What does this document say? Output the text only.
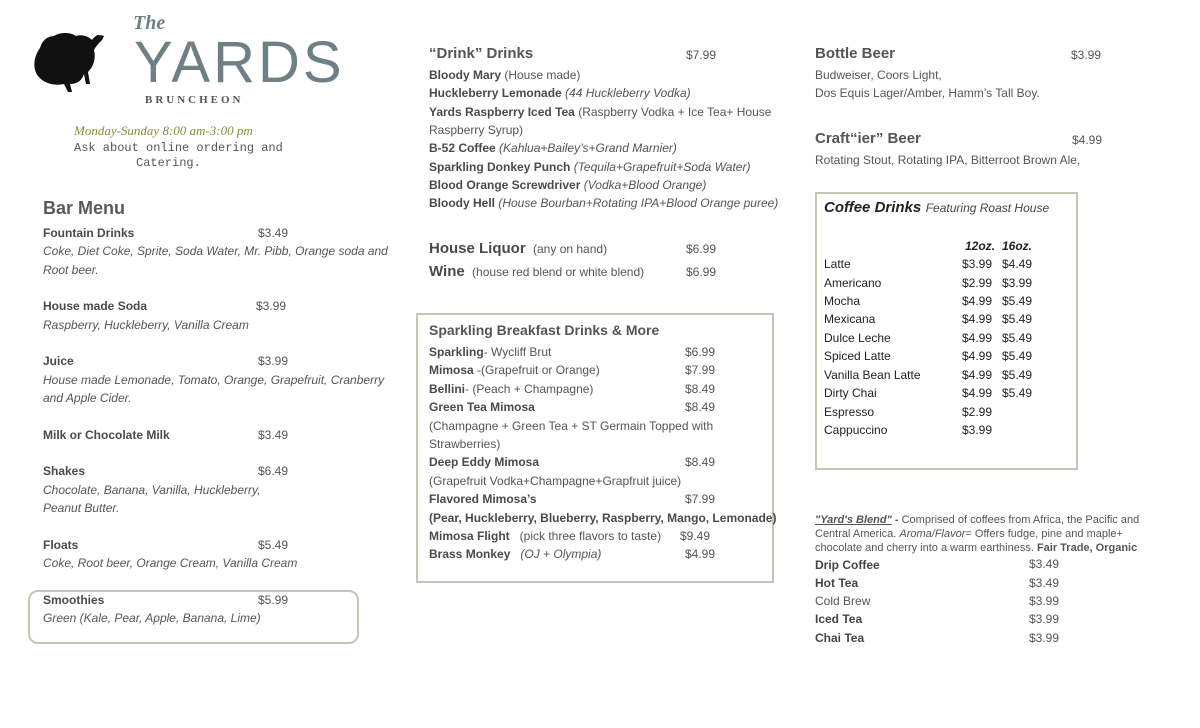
The
YARDS
BRUNCHEON
Monday-Sunday 8:00 am-3:00 pm
Ask about online ordering and
Catering.
Bar Menu
Fountain Drinks	$3.49
Coke, Diet Coke, Sprite, Soda Water, Mr. Pibb, Orange soda and
Root beer.
House made Soda	$3.99
Raspberry, Huckleberry, Vanilla Cream
Juice	$3.99
House made Lemonade, Tomato, Orange, Grapefruit, Cranberry
and Apple Cider.
Milk or Chocolate Milk	$3.49
Shakes	$6.49
Chocolate, Banana, Vanilla, Huckleberry,
Peanut Butter.
Floats	$5.49
Coke, Root beer, Orange Cream, Vanilla Cream
Smoothies	$5.99
Green (Kale, Pear, Apple, Banana, Lime)
“Drink” Drinks	$7.99
Bloody Mary (House made)
Huckleberry Lemonade (44 Huckleberry Vodka)
Yards Raspberry Iced Tea (Raspberry Vodka + Ice Tea+ House
Raspberry Syrup)
B-52 Coffee (Kahlua+Bailey’s+Grand Marnier)
Sparkling Donkey Punch (Tequila+Grapefruit+Soda Water)
Blood Orange Screwdriver (Vodka+Blood Orange)
Bloody Hell (House Bourban+Rotating IPA+Blood Orange puree)
House Liquor (any on hand)	$6.99
Wine (house red blend or white blend)	$6.99
Sparkling Breakfast Drinks & More
Sparkling- Wycliff Brut	$6.99
Mimosa -(Grapefruit or Orange)	$7.99
Bellini- (Peach + Champagne)	$8.49
Green Tea Mimosa	$8.49
(Champagne + Green Tea + ST Germain Topped with
Strawberries)
Deep Eddy Mimosa	$8.49
(Grapefruit Vodka+Champagne+Grapfruit juice)
Flavored Mimosa’s	$7.99
(Pear, Huckleberry, Blueberry, Raspberry, Mango, Lemonade)
Mimosa Flight   (pick three flavors to taste) $9.49
Brass Monkey   (OJ + Olympia)	$4.99
Bottle Beer	$3.99
Budweiser, Coors Light,
Dos Equis Lager/Amber, Hamm’s Tall Boy.
Craft“ier” Beer	$4.99
Rotating Stout, Rotating IPA, Bitterroot Brown Ale,
Coffee Drinks Featuring Roast House
12oz. 16oz.
Latte	$3.99 $4.49
Americano	$2.99 $3.99
Mocha	$4.99 $5.49
Mexicana	$4.99 $5.49
Dulce Leche	$4.99 $5.49
Spiced Latte	$4.99 $5.49
Vanilla Bean Latte	$4.99 $5.49
Dirty Chai	$4.99 $5.49
Espresso	$2.99
Cappuccino	$3.99
"Yard's Blend" - Comprised of coffees from Africa, the Pacific and
Central America. Aroma/Flavor= Offers fudge, pine and maple+
chocolate and cherry into a warm earthiness. Fair Trade, Organic
Drip Coffee	$3.49
Hot Tea	$3.49
Cold Brew	$3.99
Iced Tea	$3.99
Chai Tea	$3.99
